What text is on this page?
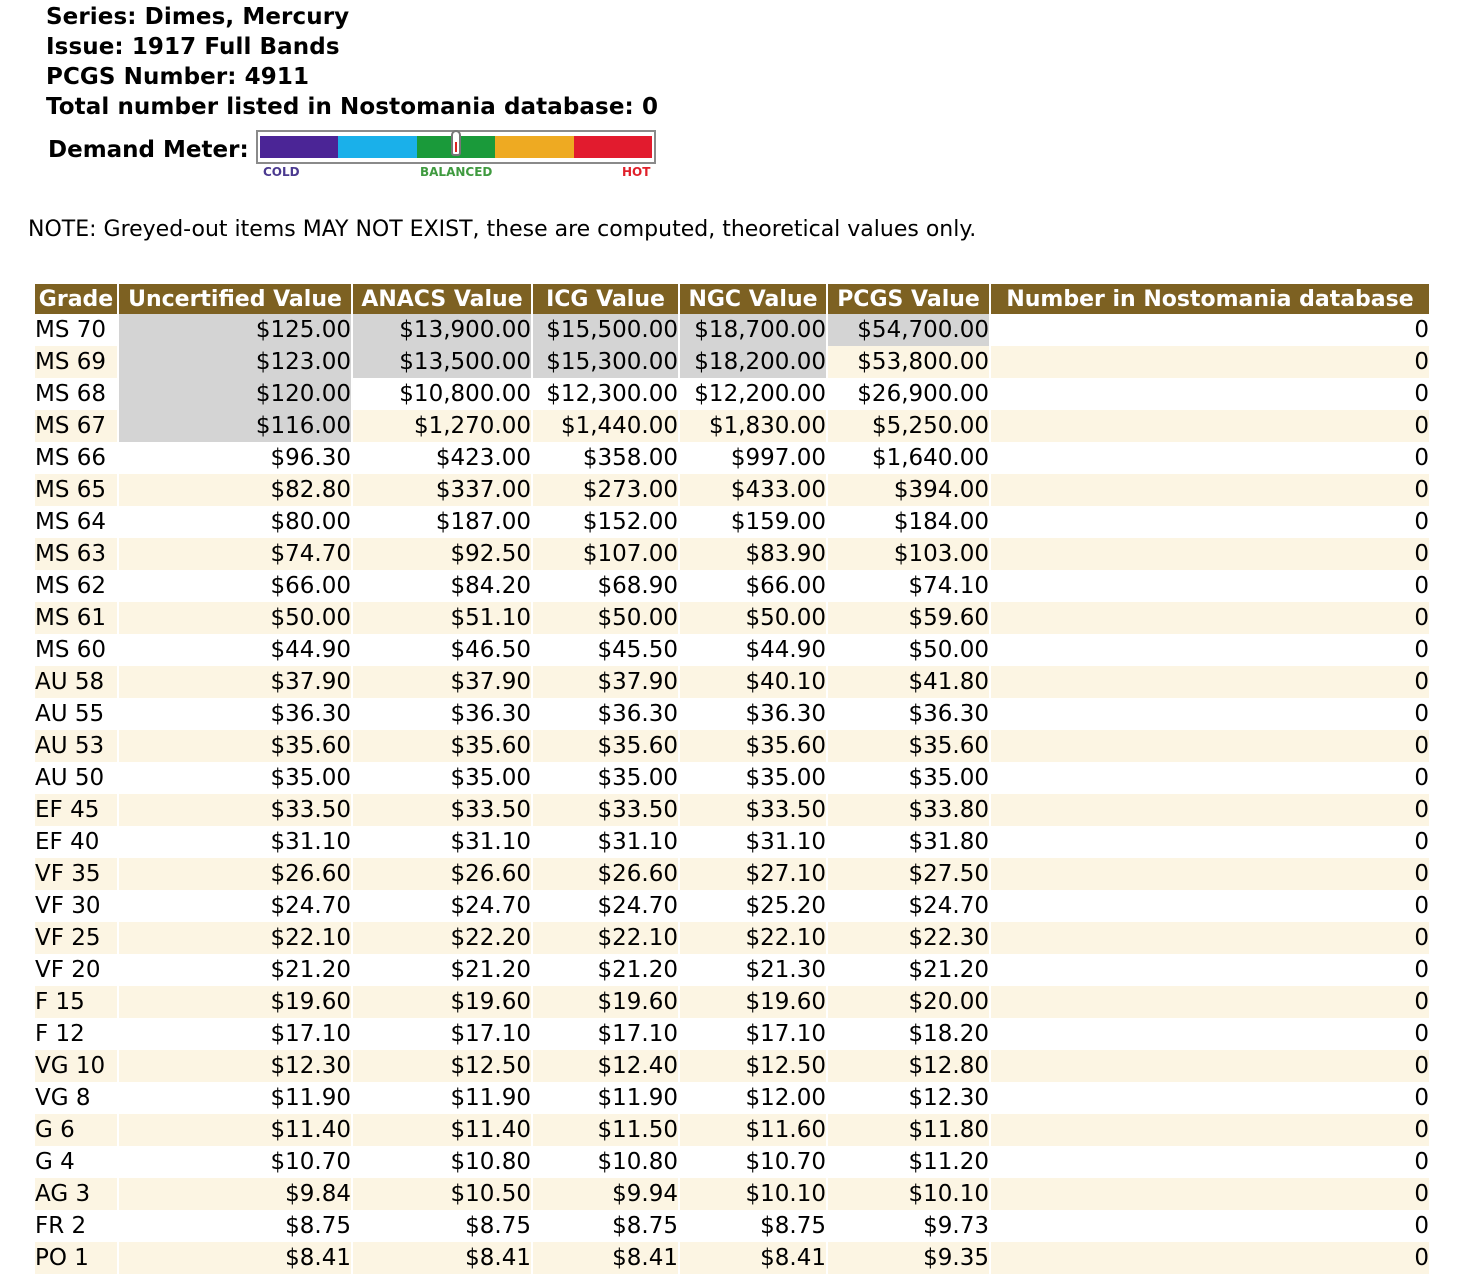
Series: Dimes, Mercury
Issue: 1917 Full Bands
PCGS Number: 4911
Total number listed in Nostomania database: 0
Demand Meter:
COLD	BALANCED	HOT
NOTE: Greyed-out items MAY NOT EXIST, these are computed, theoretical values only.
Grade	Uncertified Value	ANACS Value	ICG Value	NGC Value	PCGS Value	Number in Nostomania database
MS 70	$125.00	$13,900.00	$15,500.00	$18,700.00	$54,700.00	0
MS 69	$123.00	$13,500.00	$15,300.00	$18,200.00	$53,800.00	0
MS 68	$120.00	$10,800.00	$12,300.00	$12,200.00	$26,900.00	0
MS 67	$116.00	$1,270.00	$1,440.00	$1,830.00	$5,250.00	0
MS 66	$96.30	$423.00	$358.00	$997.00	$1,640.00	0
MS 65	$82.80	$337.00	$273.00	$433.00	$394.00	0
MS 64	$80.00	$187.00	$152.00	$159.00	$184.00	0
MS 63	$74.70	$92.50	$107.00	$83.90	$103.00	0
MS 62	$66.00	$84.20	$68.90	$66.00	$74.10	0
MS 61	$50.00	$51.10	$50.00	$50.00	$59.60	0
MS 60	$44.90	$46.50	$45.50	$44.90	$50.00	0
AU 58	$37.90	$37.90	$37.90	$40.10	$41.80	0
AU 55	$36.30	$36.30	$36.30	$36.30	$36.30	0
AU 53	$35.60	$35.60	$35.60	$35.60	$35.60	0
AU 50	$35.00	$35.00	$35.00	$35.00	$35.00	0
EF 45	$33.50	$33.50	$33.50	$33.50	$33.80	0
EF 40	$31.10	$31.10	$31.10	$31.10	$31.80	0
VF 35	$26.60	$26.60	$26.60	$27.10	$27.50	0
VF 30	$24.70	$24.70	$24.70	$25.20	$24.70	0
VF 25	$22.10	$22.20	$22.10	$22.10	$22.30	0
VF 20	$21.20	$21.20	$21.20	$21.30	$21.20	0
F 15	$19.60	$19.60	$19.60	$19.60	$20.00	0
F 12	$17.10	$17.10	$17.10	$17.10	$18.20	0
VG 10	$12.30	$12.50	$12.40	$12.50	$12.80	0
VG 8	$11.90	$11.90	$11.90	$12.00	$12.30	0
G 6	$11.40	$11.40	$11.50	$11.60	$11.80	0
G 4	$10.70	$10.80	$10.80	$10.70	$11.20	0
AG 3	$9.84	$10.50	$9.94	$10.10	$10.10	0
FR 2	$8.75	$8.75	$8.75	$8.75	$9.73	0
PO 1	$8.41	$8.41	$8.41	$8.41	$9.35	0
